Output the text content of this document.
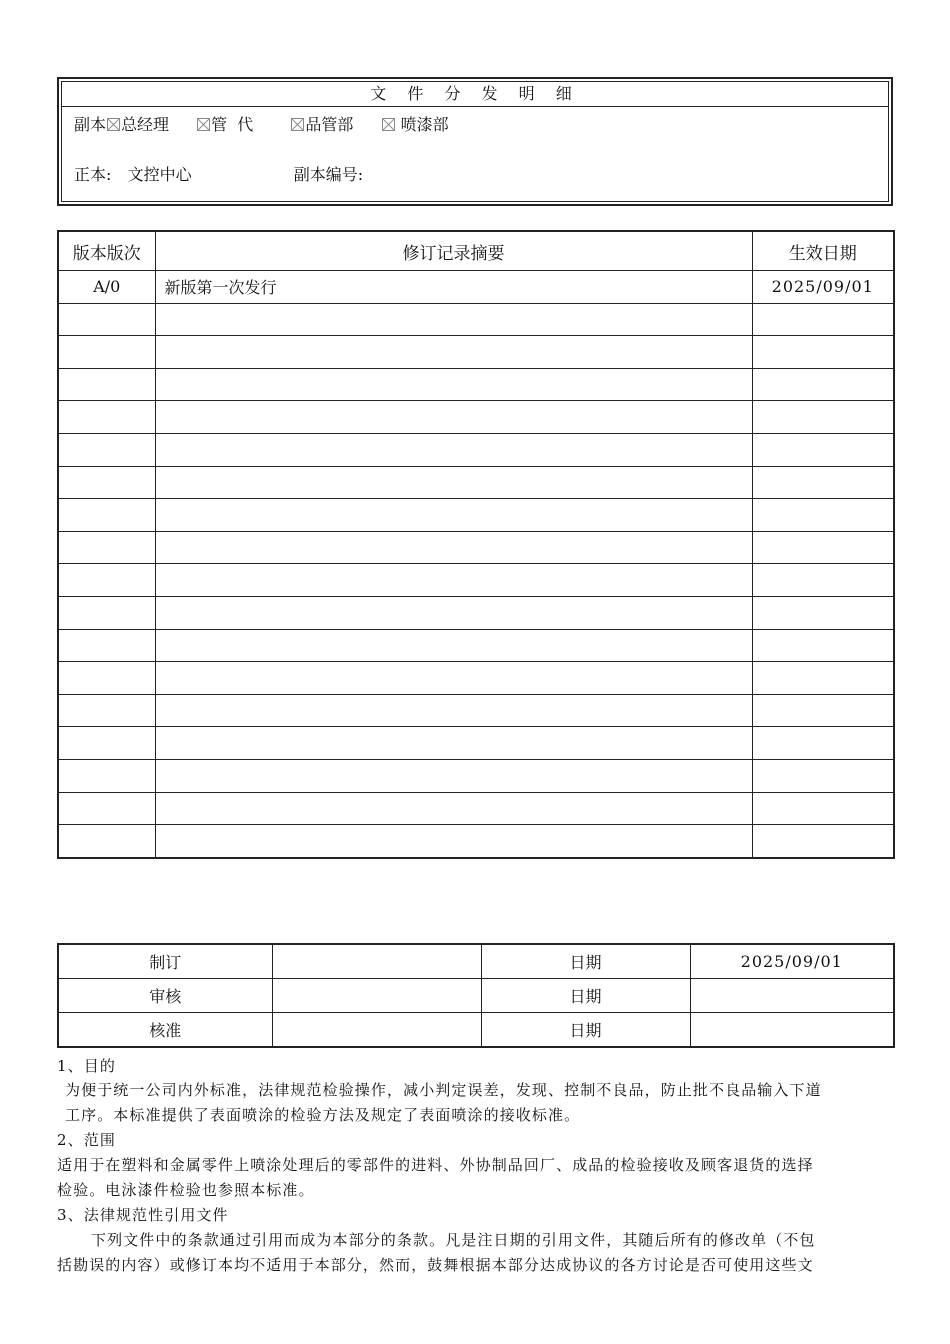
文 件 分 发 明 细
副本 总经理	管  代	品管部	喷漆部
正本: 文控中心	副本编号:
版本版次	修订记录摘要	生效日期
A/0	新版第一次发行	2025/09/01

制订		日期	2025/09/01
审核		日期	
核准		日期	
1、目的
为便于统一公司内外标准，法律规范检验操作，减小判定误差，发现、控制不良品，防止批不良品输入下道
工序。本标准提供了表面喷涂的检验方法及规定了表面喷涂的接收标准。
2、范围
适用于在塑料和金属零件上喷涂处理后的零部件的进料、外协制品回厂、成品的检验接收及顾客退货的选择
检验。电泳漆件检验也参照本标准。
3、法律规范性引用文件
下列文件中的条款通过引用而成为本部分的条款。凡是注日期的引用文件，其随后所有的修改单（不包
括勘误的内容）或修订本均不适用于本部分，然而，鼓舞根据本部分达成协议的各方讨论是否可使用这些文
